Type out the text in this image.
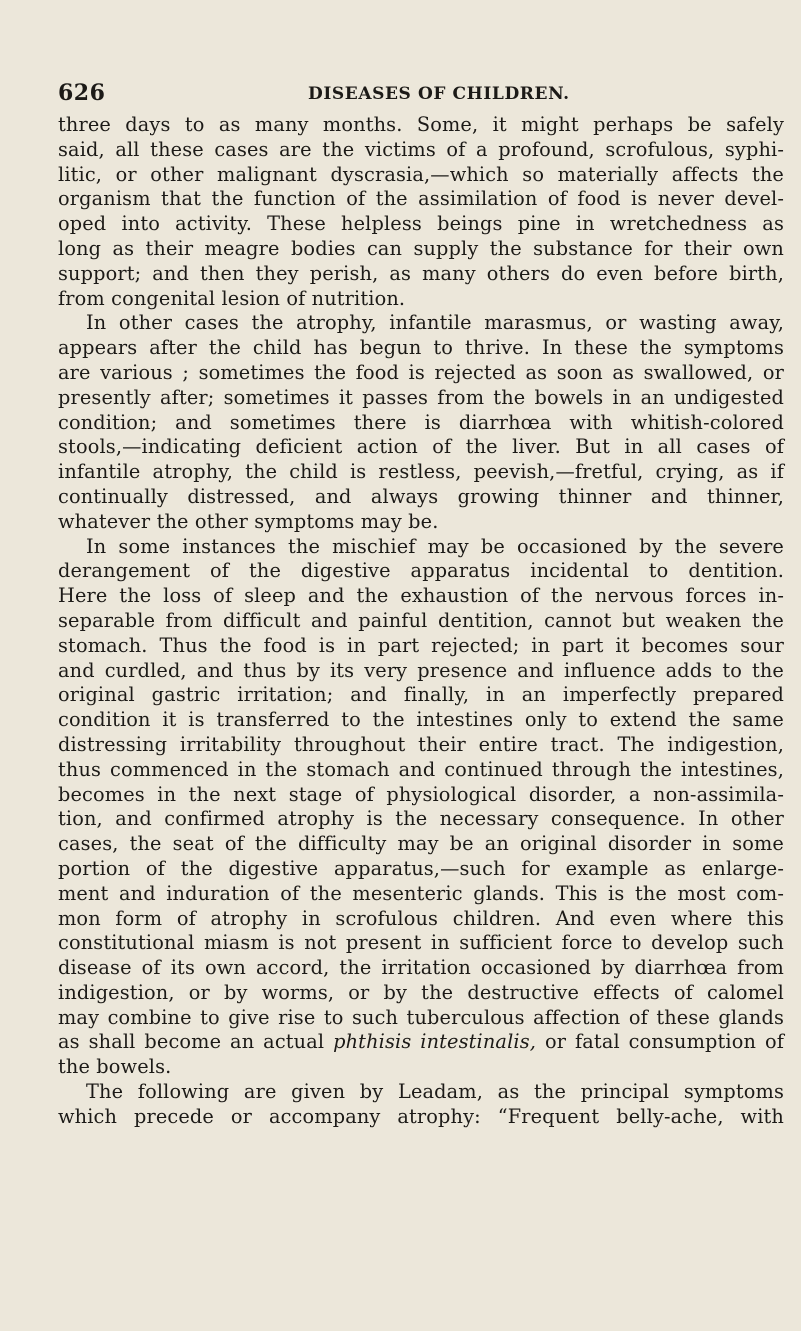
626	DISEASES OF CHILDREN.
three days to as many months. Some, it might perhaps be safely
said, all these cases are the victims of a profound, scrofulous, syphi-
litic, or other malignant dyscrasia,—which so materially affects the
organism that the function of the assimilation of food is never devel-
oped into activity. These helpless beings pine in wretchedness as
long as their meagre bodies can supply the substance for their own
support; and then they perish, as many others do even before birth,
from congenital lesion of nutrition.
In other cases the atrophy, infantile marasmus, or wasting away,
appears after the child has begun to thrive. In these the symptoms
are various ; sometimes the food is rejected as soon as swallowed, or
presently after; sometimes it passes from the bowels in an undigested
condition; and sometimes there is diarrhœa with whitish-colored
stools,—indicating deficient action of the liver. But in all cases of
infantile atrophy, the child is restless, peevish,—fretful, crying, as if
continually distressed, and always growing thinner and thinner,
whatever the other symptoms may be.
In some instances the mischief may be occasioned by the severe
derangement of the digestive apparatus incidental to dentition.
Here the loss of sleep and the exhaustion of the nervous forces in-
separable from difficult and painful dentition, cannot but weaken the
stomach. Thus the food is in part rejected; in part it becomes sour
and curdled, and thus by its very presence and influence adds to the
original gastric irritation; and finally, in an imperfectly prepared
condition it is transferred to the intestines only to extend the same
distressing irritability throughout their entire tract. The indigestion,
thus commenced in the stomach and continued through the intestines,
becomes in the next stage of physiological disorder, a non-assimila-
tion, and confirmed atrophy is the necessary consequence. In other
cases, the seat of the difficulty may be an original disorder in some
portion of the digestive apparatus,—such for example as enlarge-
ment and induration of the mesenteric glands. This is the most com-
mon form of atrophy in scrofulous children. And even where this
constitutional miasm is not present in sufficient force to develop such
disease of its own accord, the irritation occasioned by diarrhœa from
indigestion, or by worms, or by the destructive effects of calomel
may combine to give rise to such tuberculous affection of these glands
as shall become an actual phthisis intestinalis, or fatal consumption of
the bowels.
The following are given by Leadam, as the principal symptoms
which precede or accompany atrophy: “Frequent belly-ache, with
